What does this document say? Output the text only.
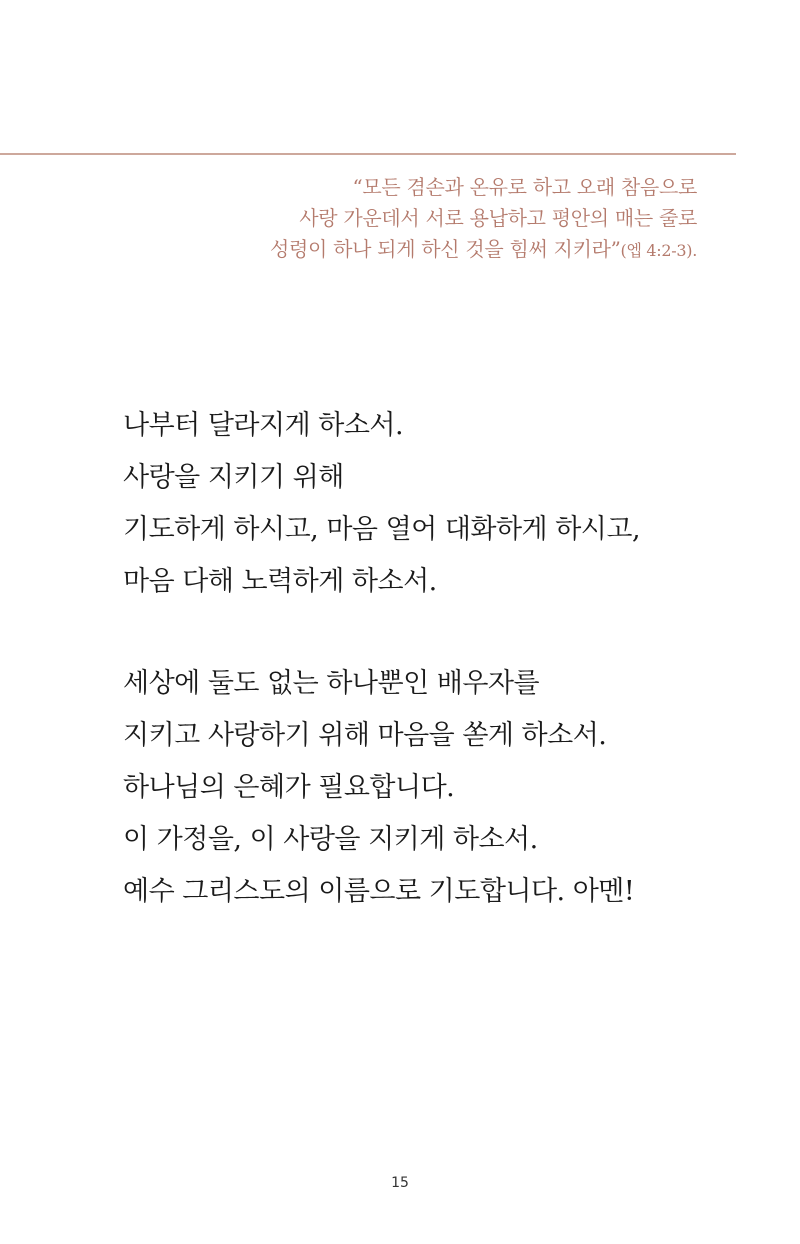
“모든 겸손과 온유로 하고 오래 참음으로
사랑 가운데서 서로 용납하고 평안의 매는 줄로
성령이 하나 되게 하신 것을 힘써 지키라”(엡 4:2-3).

나부터 달라지게 하소서.
사랑을 지키기 위해
기도하게 하시고, 마음 열어 대화하게 하시고,
마음 다해 노력하게 하소서.

세상에 둘도 없는 하나뿐인 배우자를
지키고 사랑하기 위해 마음을 쏟게 하소서.
하나님의 은혜가 필요합니다.
이 가정을, 이 사랑을 지키게 하소서.
예수 그리스도의 이름으로 기도합니다. 아멘!

15
